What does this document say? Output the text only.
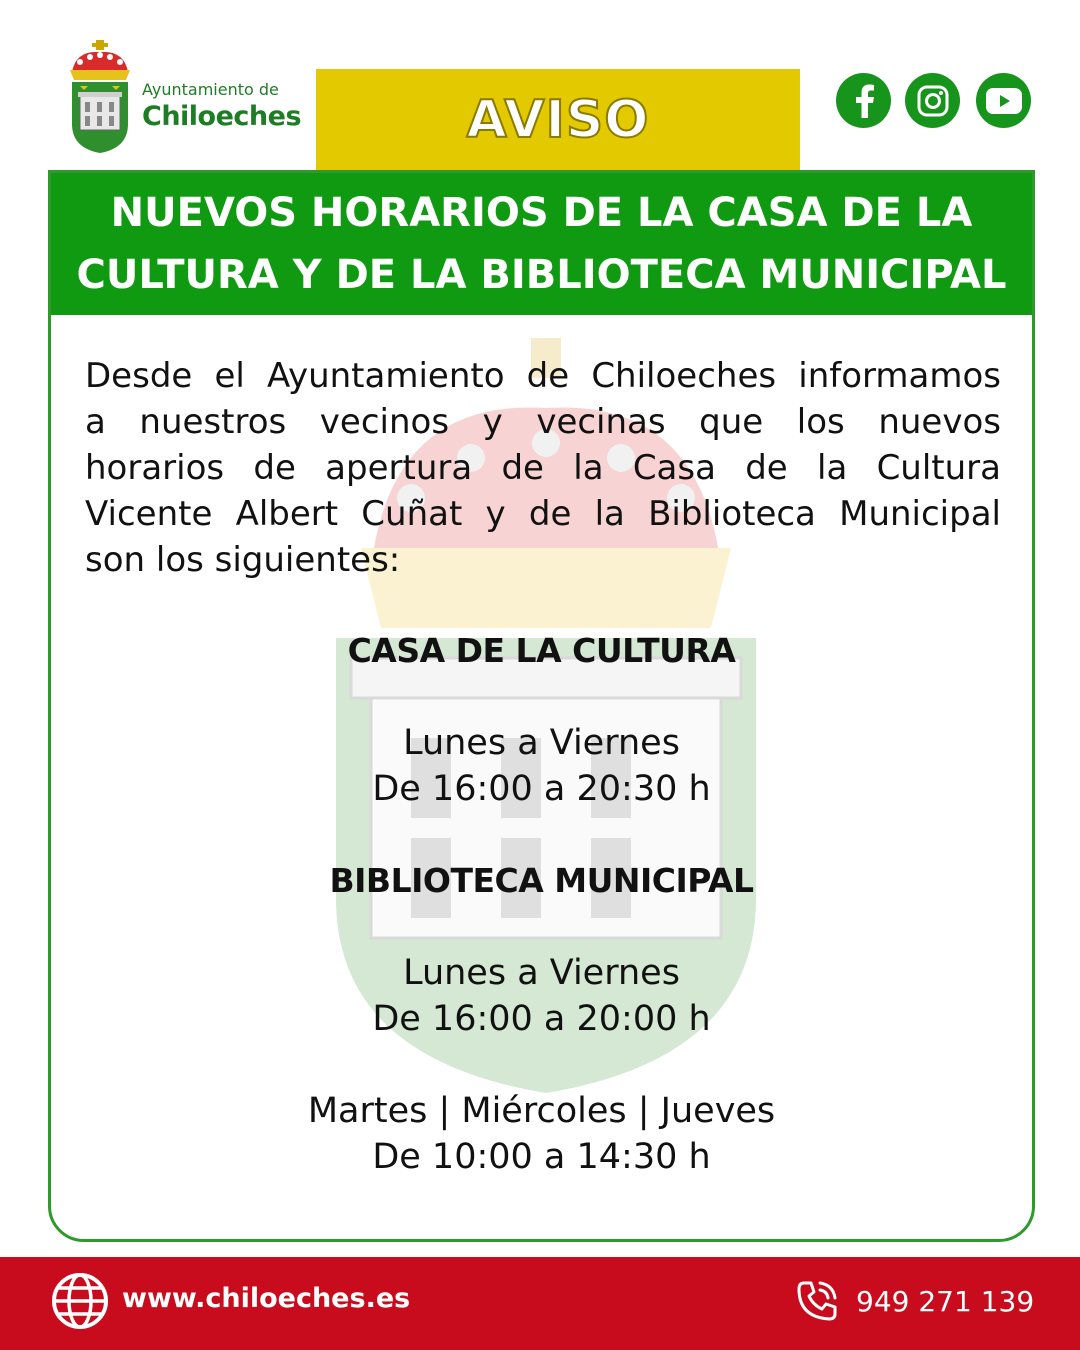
Ayuntamiento de
Chiloeches	AVISO
NUEVOS HORARIOS DE LA CASA DE LA
CULTURA Y DE LA BIBLIOTECA MUNICIPAL
Desde el Ayuntamiento de Chiloeches informamos
a nuestros vecinos y vecinas que los nuevos
horarios de apertura de la Casa de la Cultura
Vicente Albert Cuñat y de la Biblioteca Municipal
son los siguientes:
CASA DE LA CULTURA
Lunes a Viernes
De 16:00 a 20:30 h
BIBLIOTECA MUNICIPAL
Lunes a Viernes
De 16:00 a 20:00 h
Martes | Miércoles | Jueves
De 10:00 a 14:30 h
www.chiloeches.es	949 271 139
